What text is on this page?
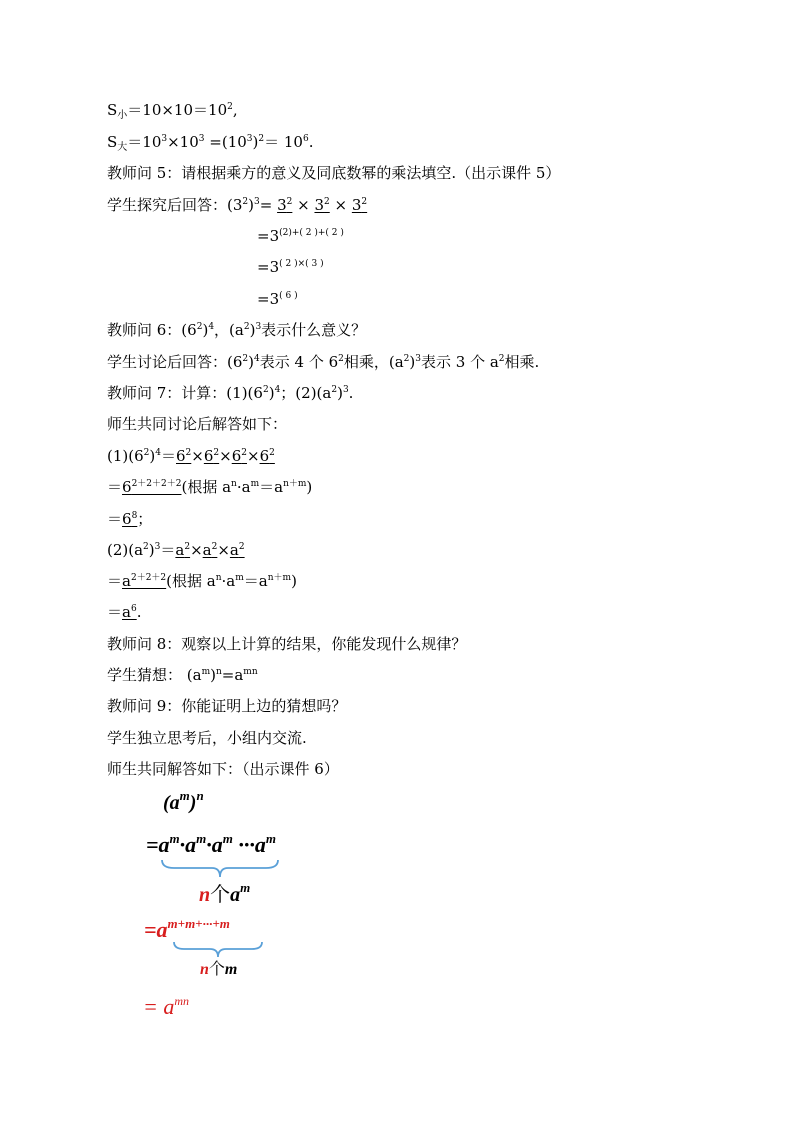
$S_小=10\times 10=10^2$,
$S_大=10^3\times 10^3 =(10^3)^2= 10^6$.
教师问 5：请根据乘方的意义及同底数幂的乘法填空.（出示课件 5）
学生探究后回答：$(3^2)^3= 3^2 \times 3^2 \times 3^2$
$=3^{(2)+( 2 )+( 2 )}$
$=3^{( 2 )\times( 3 )}$
$=3^{( 6 )}$
教师问 6：$(6^2)^4$，$(a^2)^3$表示什么意义？
学生讨论后回答：$(6^2)^4$表示 4 个 $6^2$相乘，$(a^2)^3$表示 3 个 $a^2$相乘.
教师问 7：计算：$(1)(6^2)^4$；$(2)(a^2)^3$.
师生共同讨论后解答如下：
$(1)(6^2)^4=6^2\times 6^2\times 6^2\times 6^2$
$=6^{2+2+2+2}$(根据 $a^n\cdot a^m=a^{n+m}$)
$=6^8$；
$(2)(a^2)^3=a^2\times a^2\times a^2$
$=a^{2+2+2}$(根据 $a^n\cdot a^m=a^{n+m}$)
$=a^6$.
教师问 8：观察以上计算的结果，你能发现什么规律？
学生猜想： $(a^m)^n=a^{mn}$
教师问 9：你能证明上边的猜想吗？
学生独立思考后，小组内交流.
师生共同解答如下：（出示课件 6）
$(a^m)^n$
$=a^m\cdot a^m\cdot a^m \cdot\cdot\cdot a^m$
n个$a^m$
$=a^{m+m+\cdot\cdot\cdot+m}$
n个m
= $a^{mn}$
